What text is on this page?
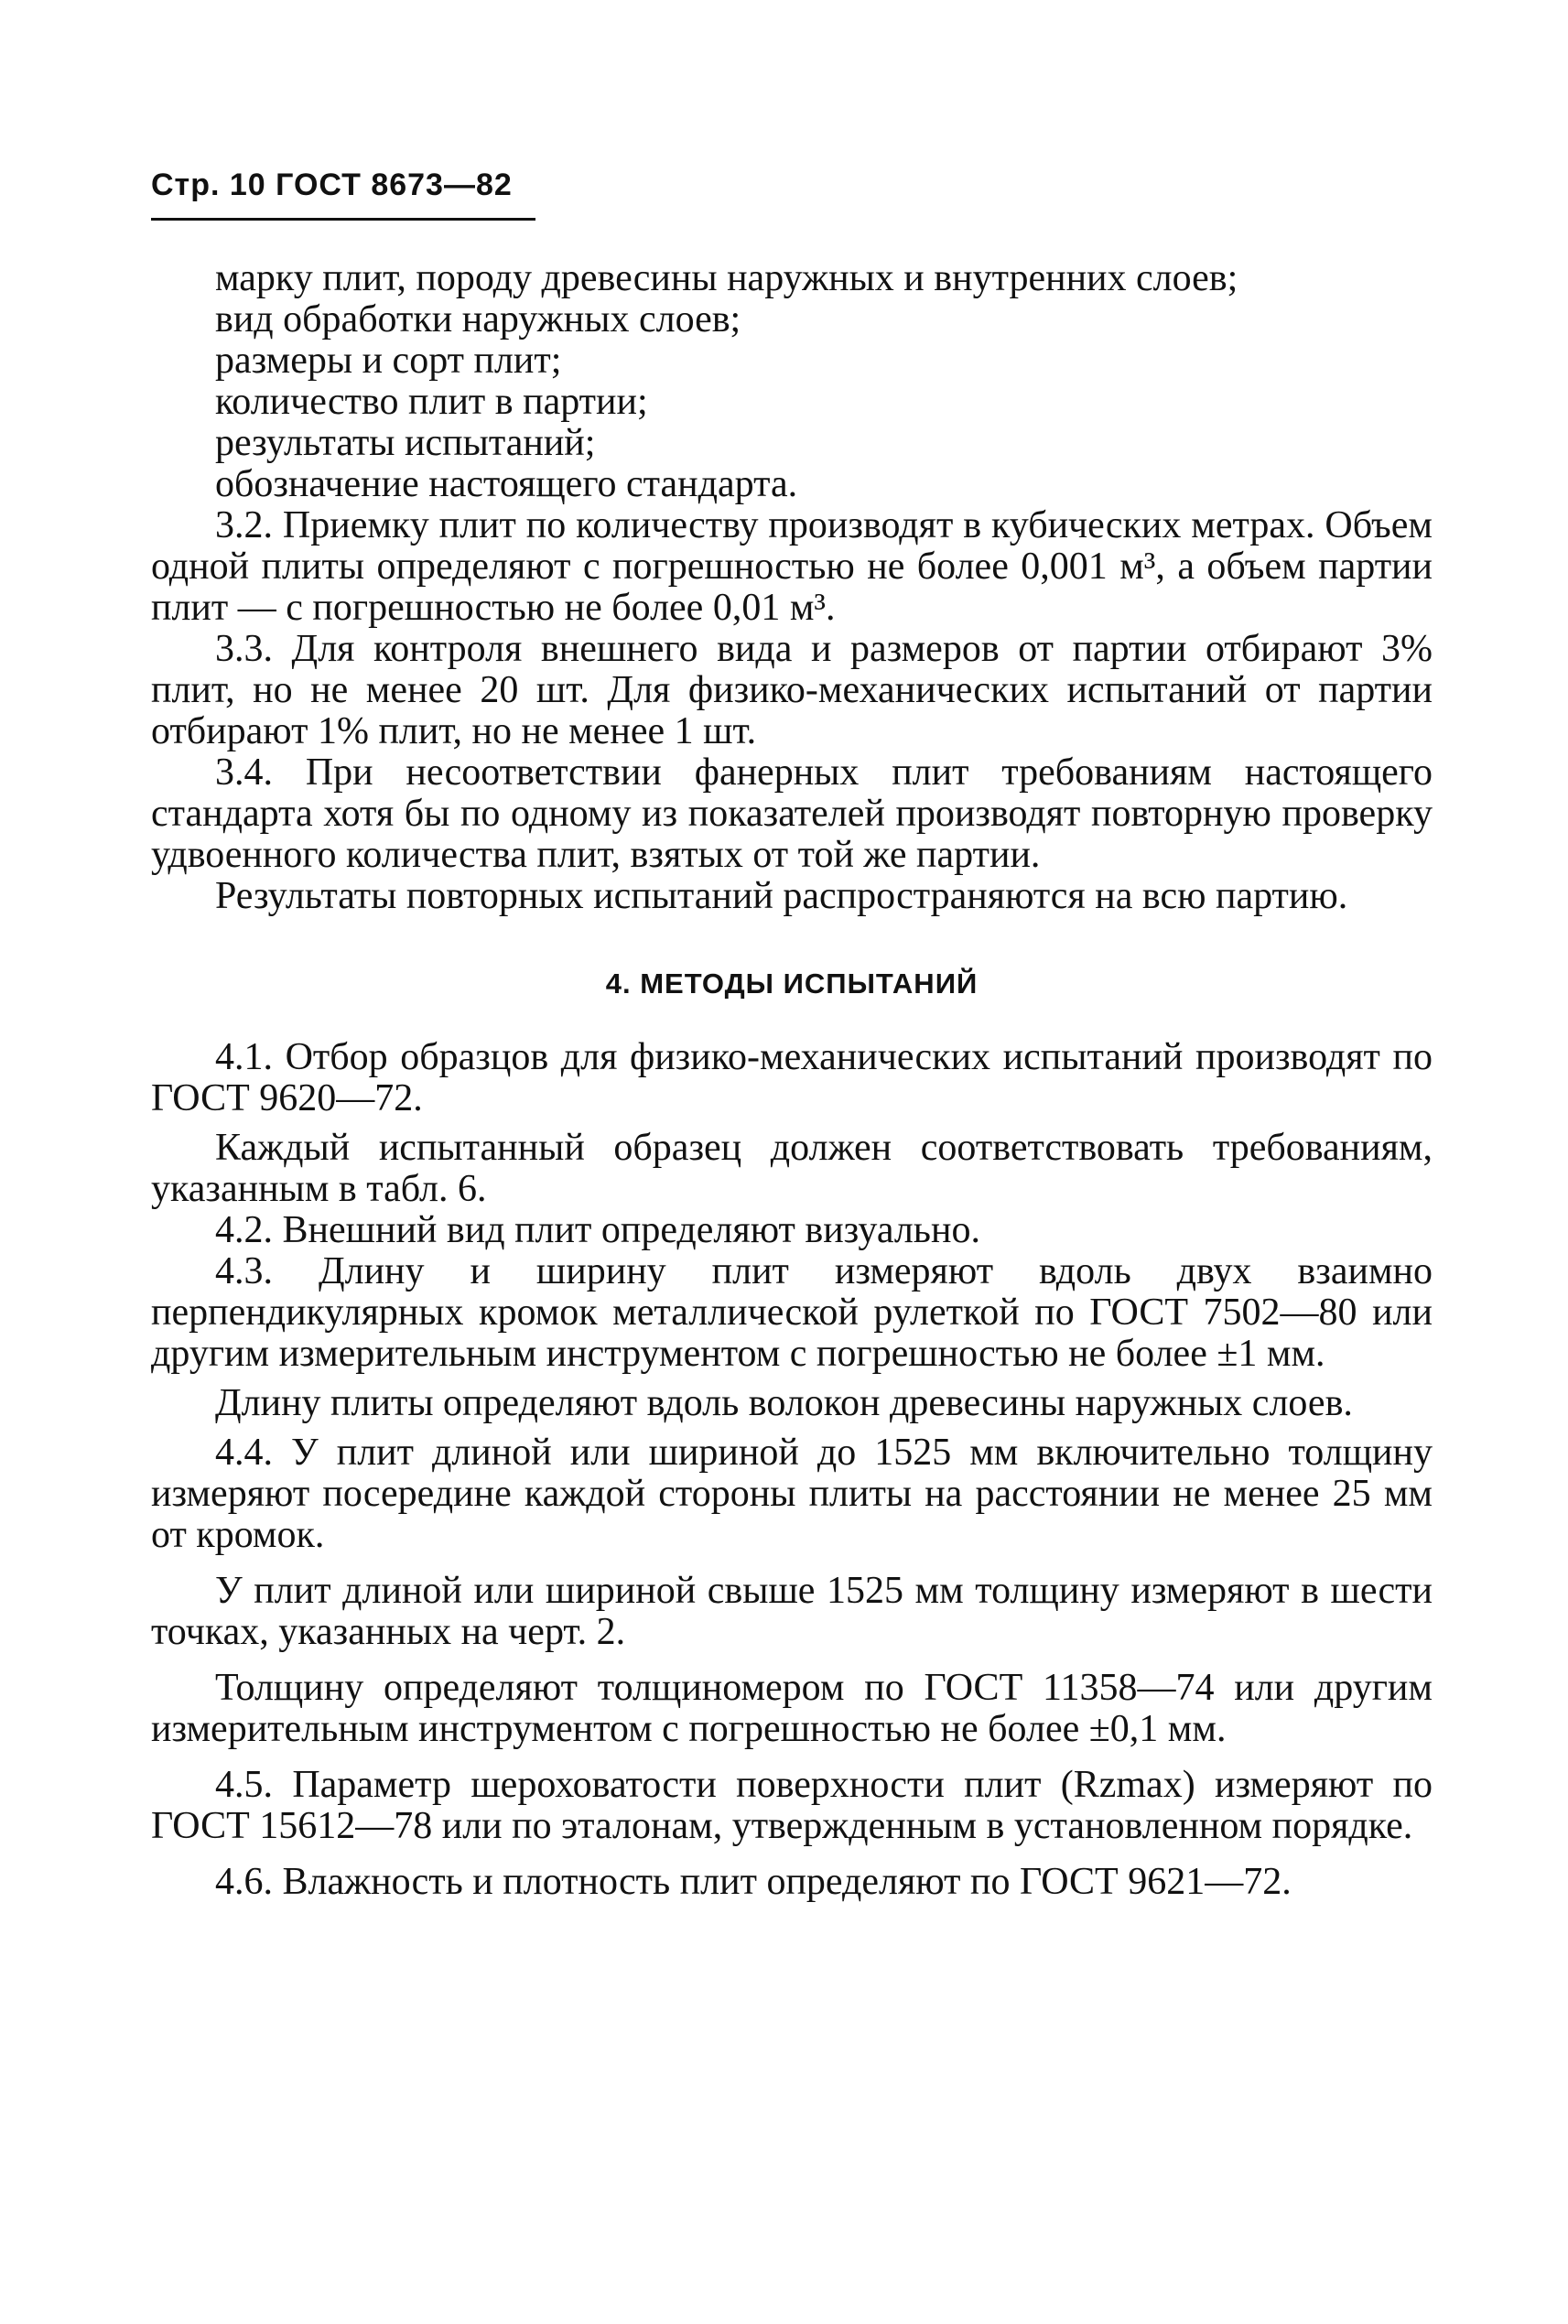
Стр. 10 ГОСТ 8673—82

марку плит, породу древесины наружных и внутренних слоев;

вид обработки наружных слоев;

размеры и сорт плит;

количество плит в партии;

результаты испытаний;

обозначение настоящего стандарта.

3.2. Приемку плит по количеству производят в кубических метрах. Объем одной плиты определяют с погрешностью не более 0,001 м³, а объем партии плит — с погрешностью не более 0,01 м³.

3.3. Для контроля внешнего вида и размеров от партии отбирают 3% плит, но не менее 20 шт. Для физико-механических испытаний от партии отбирают 1% плит, но не менее 1 шт.

3.4. При несоответствии фанерных плит требованиям настоящего стандарта хотя бы по одному из показателей производят повторную проверку удвоенного количества плит, взятых от той же партии.

Результаты повторных испытаний распространяются на всю партию.

4. МЕТОДЫ ИСПЫТАНИЙ

4.1. Отбор образцов для физико-механических испытаний производят по ГОСТ 9620—72.

Каждый испытанный образец должен соответствовать требованиям, указанным в табл. 6.

4.2. Внешний вид плит определяют визуально.

4.3. Длину и ширину плит измеряют вдоль двух взаимно перпендикулярных кромок металлической рулеткой по ГОСТ 7502—80 или другим измерительным инструментом с погрешностью не более ±1 мм.

Длину плиты определяют вдоль волокон древесины наружных слоев.

4.4. У плит длиной или шириной до 1525 мм включительно толщину измеряют посередине каждой стороны плиты на расстоянии не менее 25 мм от кромок.

У плит длиной или шириной свыше 1525 мм толщину измеряют в шести точках, указанных на черт. 2.

Толщину определяют толщиномером по ГОСТ 11358—74 или другим измерительным инструментом с погрешностью не более ±0,1 мм.

4.5. Параметр шероховатости поверхности плит (Rzmax) измеряют по ГОСТ 15612—78 или по эталонам, утвержденным в установленном порядке.

4.6. Влажность и плотность плит определяют по ГОСТ 9621—72.
